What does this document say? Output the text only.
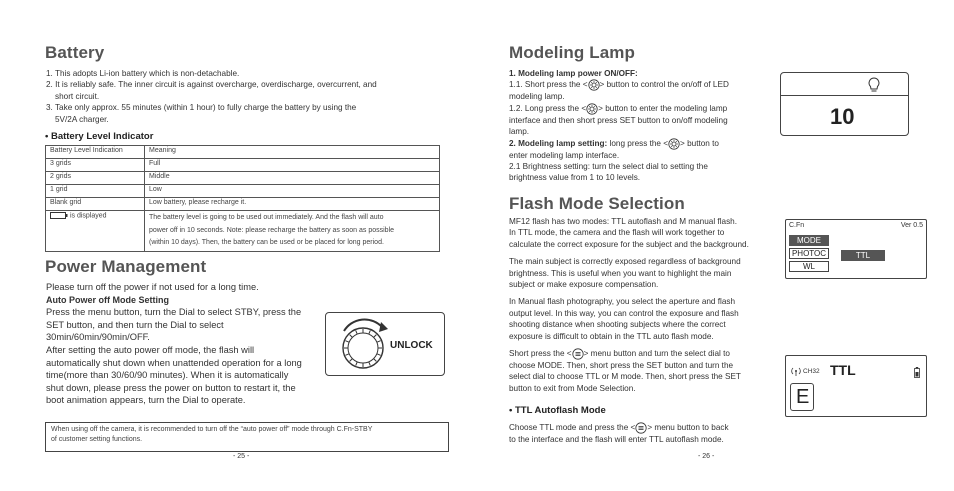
Battery
1. This adopts Li-ion battery which is non-detachable.
2. It is reliably safe. The inner circuit is against overcharge, overdischarge, overcurrent, and
short circuit.
3. Take only approx. 55 minutes (within 1 hour) to fully charge the battery by using the
5V/2A charger.
• Battery Level Indicator
Battery Level Indication	Meaning
3 grids	Full
2 grids	Middle
1 grid	Low
Blank grid	Low battery, please recharge it.
is displayed	The battery level is going to be used out immediately. And the flash will auto
power off in 10 seconds. Note: please recharge the battery as soon as possible
(within 10 days). Then, the battery can be used or be placed for long period.
Power Management
Please turn off the power if not used for a long time.
Auto Power off Mode Setting
Press the menu button, turn the Dial to select STBY, press the
SET button, and then turn the Dial to select
30min/60min/90min/OFF.
After setting the auto power off mode, the flash will
automatically shut down when unattended operation for a long
time(more than 30/60/90 minutes). When it is automatically
shut down, please press the power on button to restart it, the
boot animation appears, turn the Dial to operate.
UNLOCK
When using off the camera, it is recommended to turn off the “auto power off” mode through C.Fn-STBY
of customer setting functions.
- 25 -
Modeling Lamp
1. Modeling lamp power ON/OFF:
1.1. Short press the < > button to control the on/off of LED
modeling lamp.
1.2. Long press the < > button to enter the modeling lamp
interface and then short press SET button to on/off modeling
lamp.
2. Modeling lamp setting: long press the < > button to
enter modeling lamp interface.
2.1 Brightness setting: turn the select dial to setting the
brightness value from 1 to 10 levels.
10
Flash Mode Selection
MF12 flash has two modes: TTL autoflash and M manual flash.
In TTL mode, the camera and the flash will work together to
calculate the correct exposure for the subject and the background.
The main subject is correctly exposed regardless of background
brightness. This is useful when you want to highlight the main
subject or make exposure compensation.
In Manual flash photography, you select the aperture and flash
output level. In this way, you can control the exposure and flash
shooting distance when shooting subjects where the correct
exposure is difficult to obtain in the TTL auto flash mode.
Short press the < > menu button and turn the select dial to
choose MODE. Then, short press the SET button and turn the
select dial to choose TTL or M mode. Then, short press the SET
button to exit from Mode Selection.
C.Fn	Ver 0.5
MODE
PHOTOC
WL
TTL
CH32 TTL
E
• TTL Autoflash Mode
Choose TTL mode and press the < > menu button to back
to the interface and the flash will enter TTL autoflash mode.
- 26 -
